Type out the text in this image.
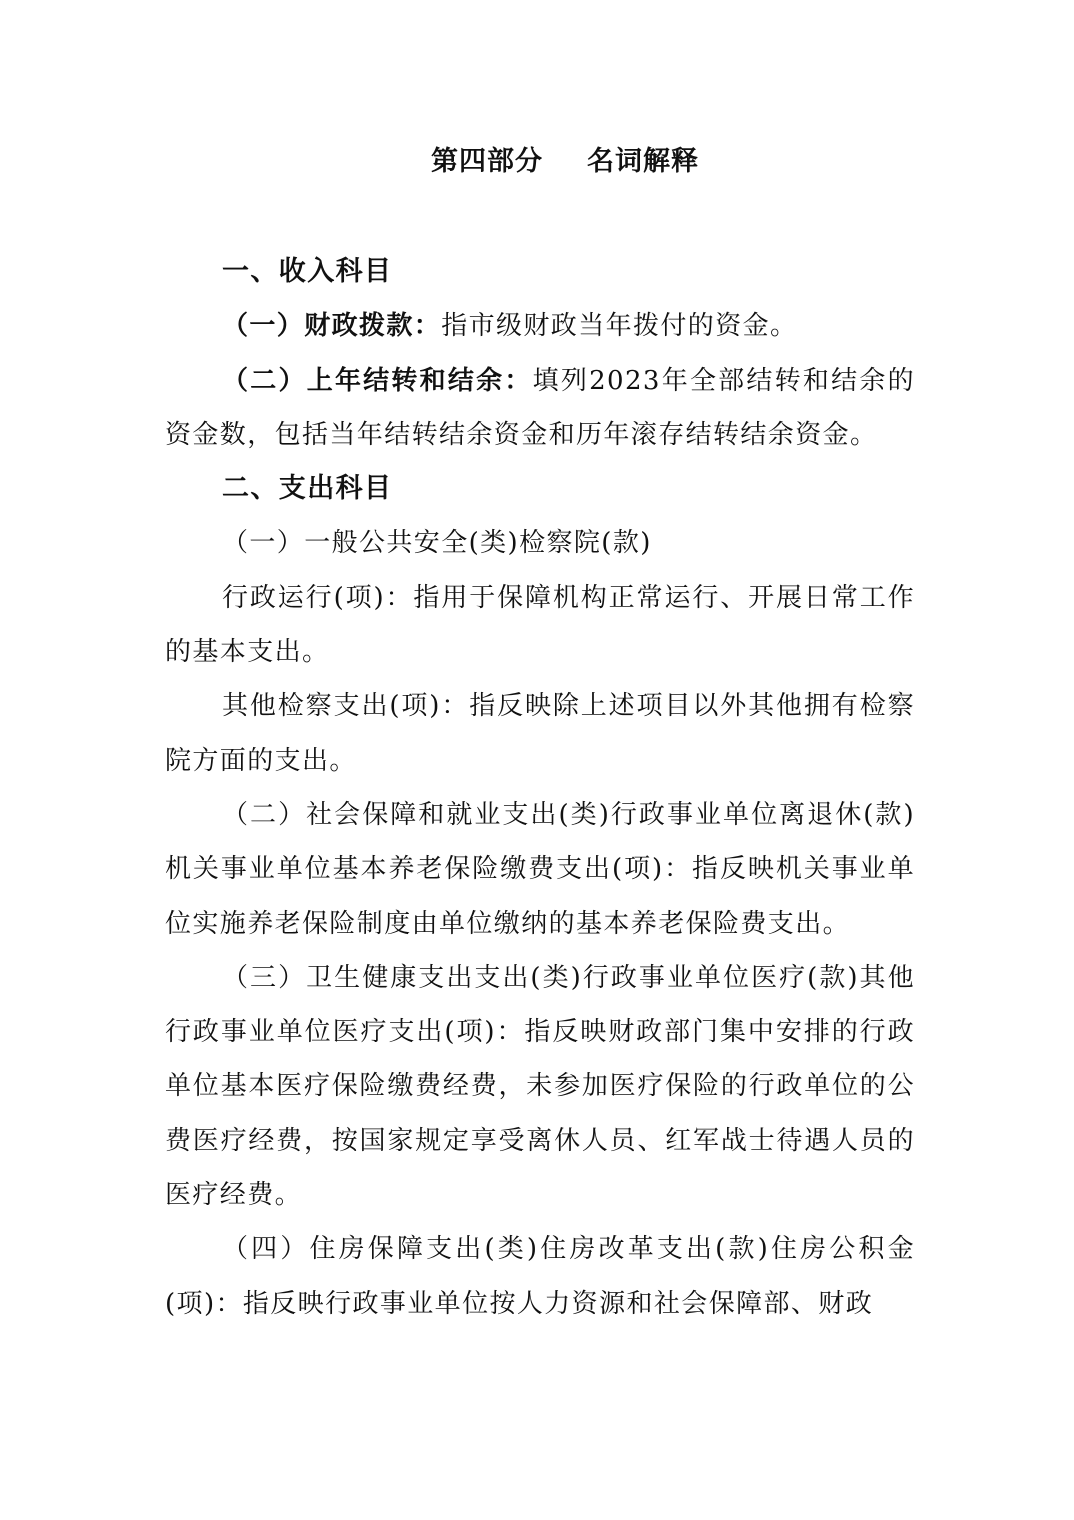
第四部分 名词解释

一、收入科目

（一）财政拨款：指市级财政当年拨付的资金。

（二）上年结转和结余：填列2023年全部结转和结余的资金数，包括当年结转结余资金和历年滚存结转结余资金。

二、支出科目

（一）一般公共安全(类)检察院(款)

行政运行(项)：指用于保障机构正常运行、开展日常工作的基本支出。

其他检察支出(项)：指反映除上述项目以外其他拥有检察院方面的支出。

（二）社会保障和就业支出(类)行政事业单位离退休(款)机关事业单位基本养老保险缴费支出(项)：指反映机关事业单位实施养老保险制度由单位缴纳的基本养老保险费支出。

（三）卫生健康支出支出(类)行政事业单位医疗(款)其他行政事业单位医疗支出(项)：指反映财政部门集中安排的行政单位基本医疗保险缴费经费，未参加医疗保险的行政单位的公费医疗经费，按国家规定享受离休人员、红军战士待遇人员的医疗经费。

（四）住房保障支出(类)住房改革支出(款)住房公积金(项)：指反映行政事业单位按人力资源和社会保障部、财政
